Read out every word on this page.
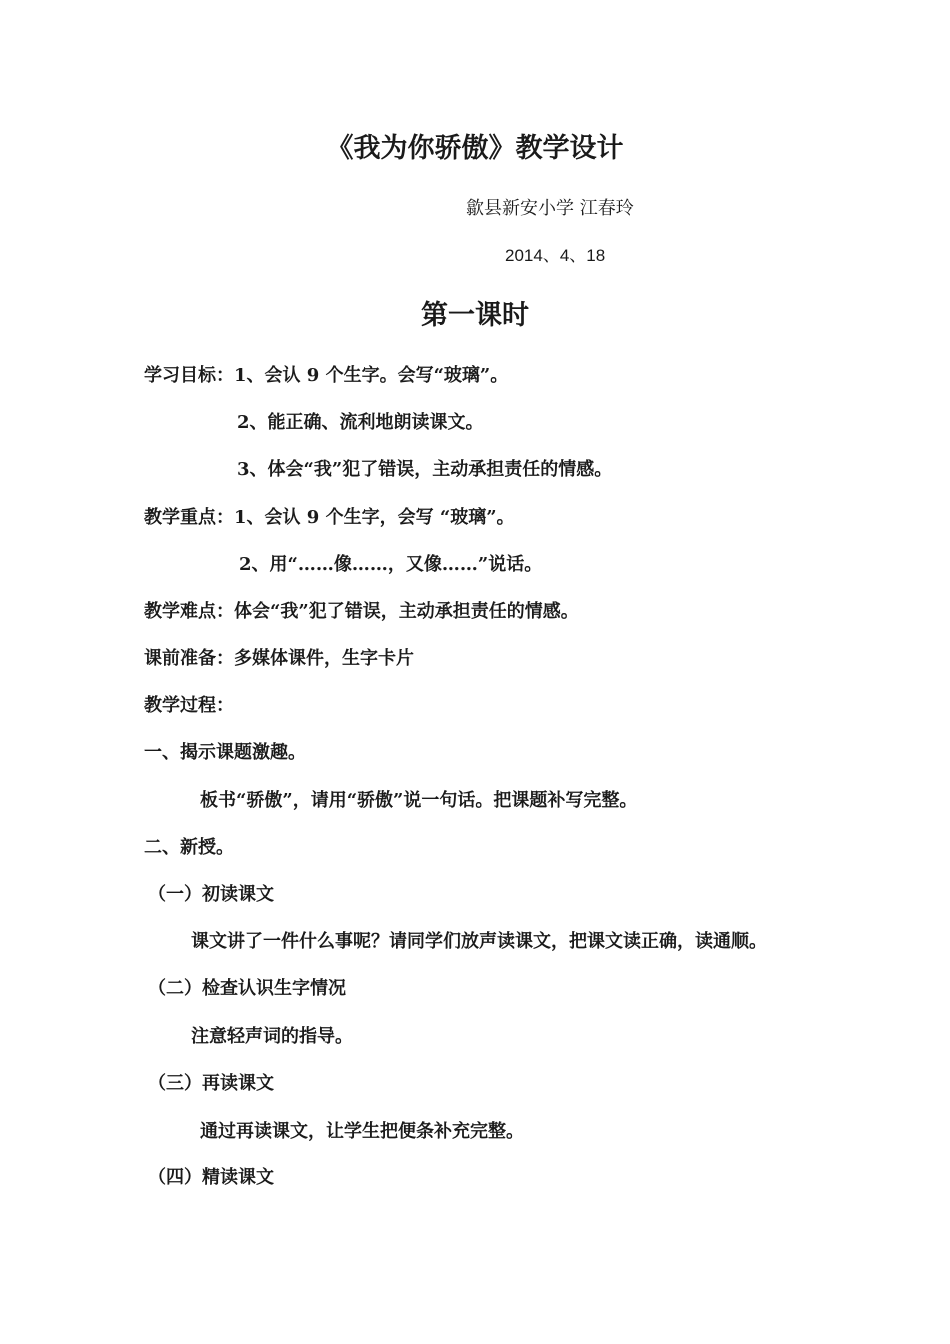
《我为你骄傲》教学设计
歙县新安小学 江春玲
2014、4、18
第一课时
学习目标：1、会认 9 个生字。会写“玻璃”。
2、能正确、流利地朗读课文。
3、体会“我”犯了错误，主动承担责任的情感。
教学重点：1、会认 9 个生字，会写 “玻璃”。
2、用“……像……，又像……”说话。
教学难点：体会“我”犯了错误，主动承担责任的情感。
课前准备：多媒体课件，生字卡片
教学过程：
一、揭示课题激趣。
板书“骄傲”，请用“骄傲”说一句话。把课题补写完整。
二、新授。
（一）初读课文
课文讲了一件什么事呢？请同学们放声读课文，把课文读正确，读通顺。
（二）检查认识生字情况
注意轻声词的指导。
（三）再读课文
通过再读课文，让学生把便条补充完整。
（四）精读课文
